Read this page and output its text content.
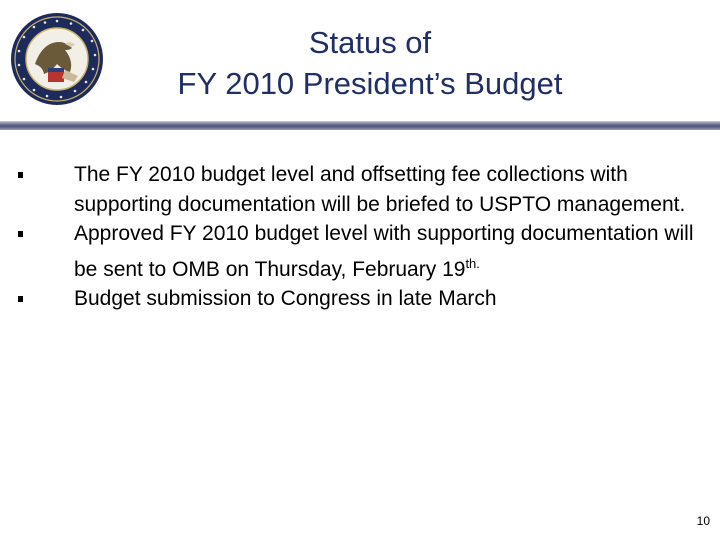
Status of
FY 2010 President’s Budget
The FY 2010 budget level and offsetting fee collections with supporting documentation will be briefed to USPTO management.
Approved FY 2010 budget level with supporting documentation will be sent to OMB on Thursday, February $19^{th.}$
Budget submission to Congress in late March
10
